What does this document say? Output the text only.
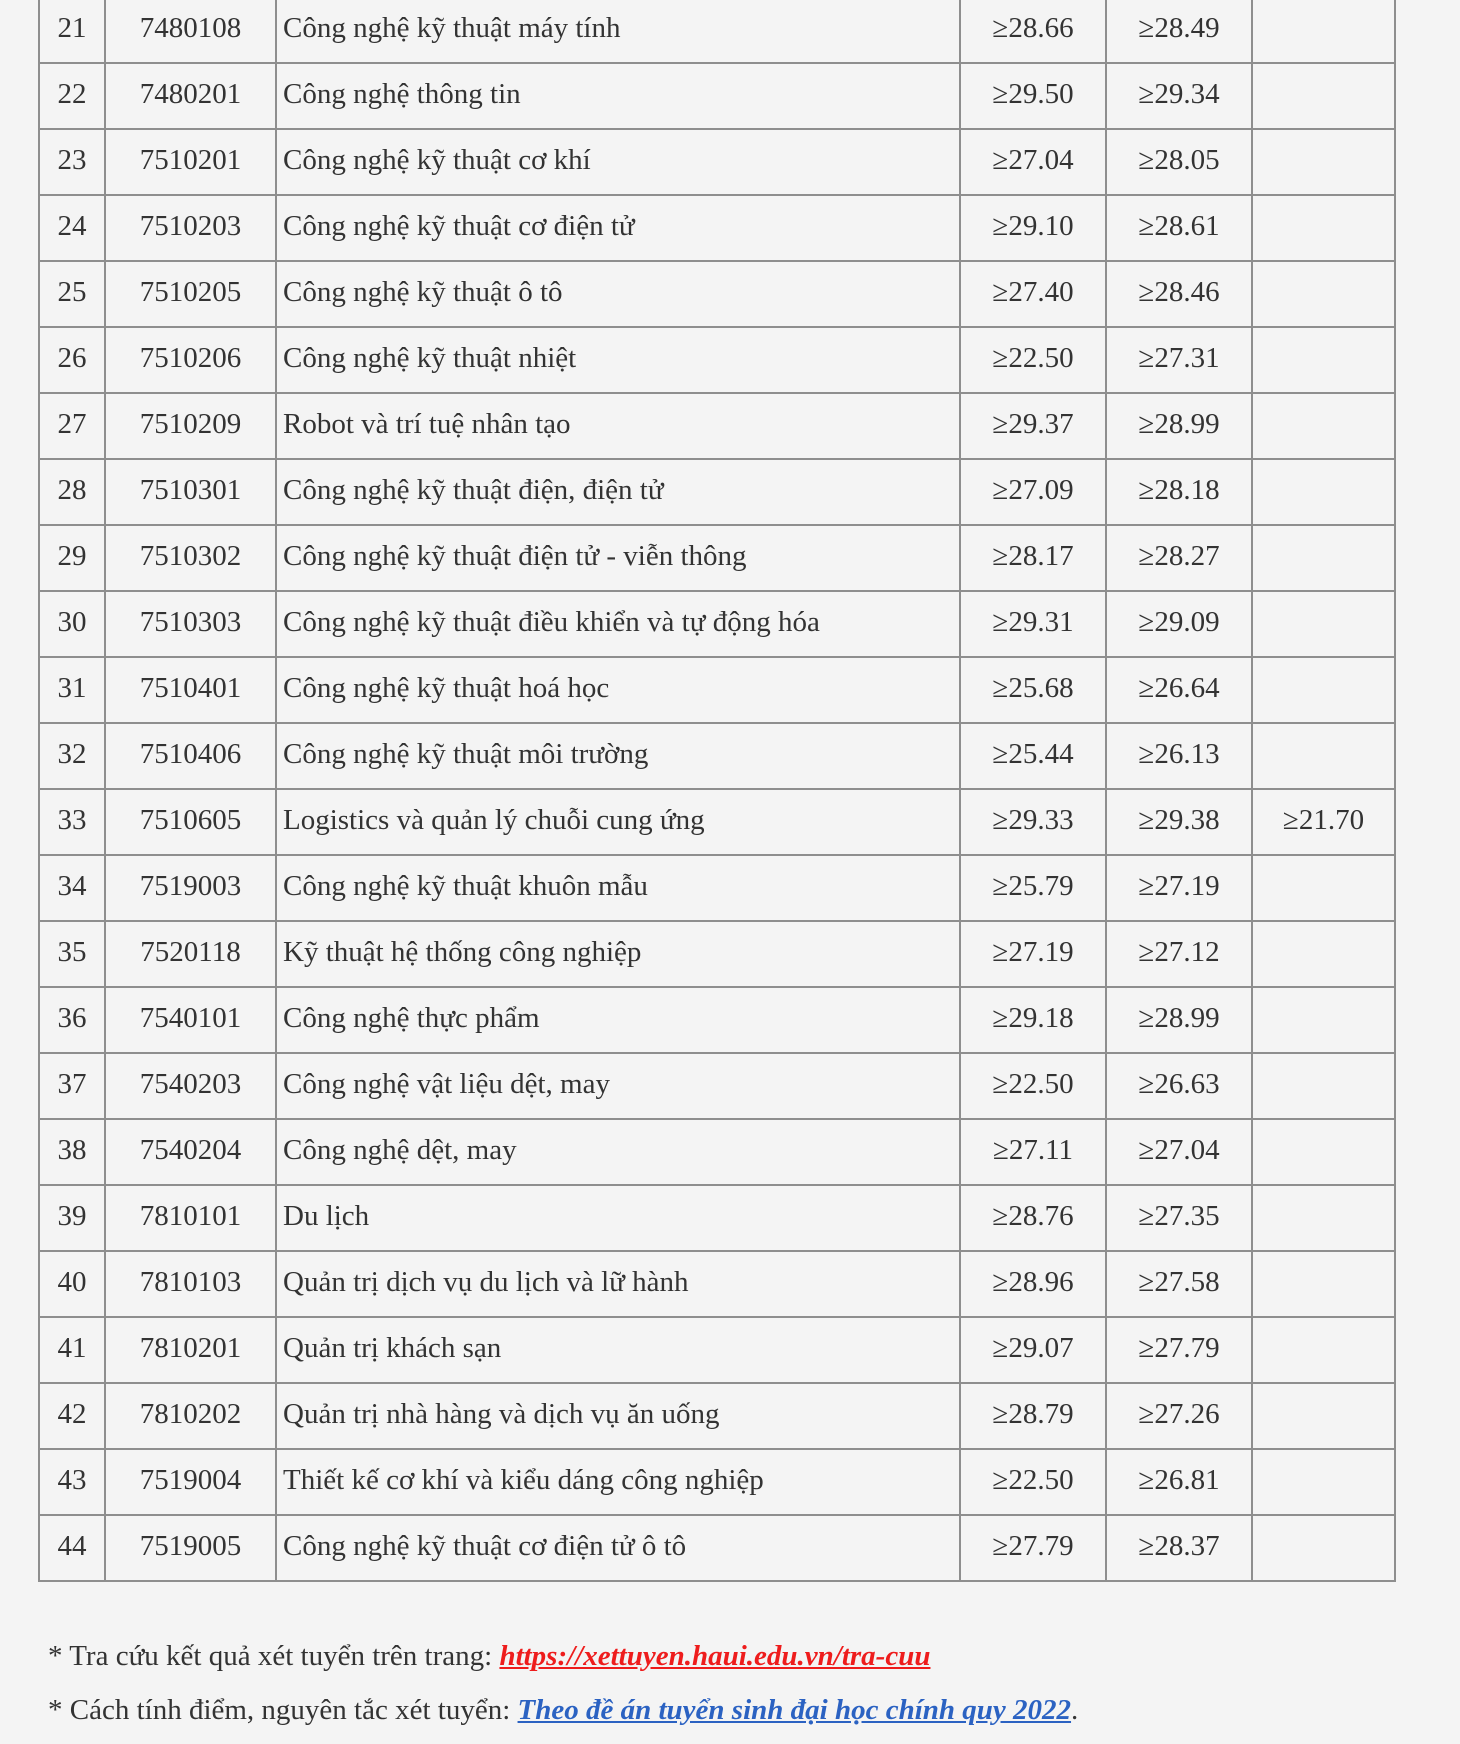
21	7480108	Công nghệ kỹ thuật máy tính	≥28.66	≥28.49	

22	7480201	Công nghệ thông tin	≥29.50	≥29.34	

23	7510201	Công nghệ kỹ thuật cơ khí	≥27.04	≥28.05	

24	7510203	Công nghệ kỹ thuật cơ điện tử	≥29.10	≥28.61	

25	7510205	Công nghệ kỹ thuật ô tô	≥27.40	≥28.46	

26	7510206	Công nghệ kỹ thuật nhiệt	≥22.50	≥27.31	

27	7510209	Robot và trí tuệ nhân tạo	≥29.37	≥28.99	

28	7510301	Công nghệ kỹ thuật điện, điện tử	≥27.09	≥28.18	

29	7510302	Công nghệ kỹ thuật điện tử - viễn thông	≥28.17	≥28.27	

30	7510303	Công nghệ kỹ thuật điều khiển và tự động hóa	≥29.31	≥29.09	

31	7510401	Công nghệ kỹ thuật hoá học	≥25.68	≥26.64	

32	7510406	Công nghệ kỹ thuật môi trường	≥25.44	≥26.13	

33	7510605	Logistics và quản lý chuỗi cung ứng	≥29.33	≥29.38	≥21.70

34	7519003	Công nghệ kỹ thuật khuôn mẫu	≥25.79	≥27.19	

35	7520118	Kỹ thuật hệ thống công nghiệp	≥27.19	≥27.12	

36	7540101	Công nghệ thực phẩm	≥29.18	≥28.99	

37	7540203	Công nghệ vật liệu dệt, may	≥22.50	≥26.63	

38	7540204	Công nghệ dệt, may	≥27.11	≥27.04	

39	7810101	Du lịch	≥28.76	≥27.35	

40	7810103	Quản trị dịch vụ du lịch và lữ hành	≥28.96	≥27.58	

41	7810201	Quản trị khách sạn	≥29.07	≥27.79	

42	7810202	Quản trị nhà hàng và dịch vụ ăn uống	≥28.79	≥27.26	

43	7519004	Thiết kế cơ khí và kiểu dáng công nghiệp	≥22.50	≥26.81	

44	7519005	Công nghệ kỹ thuật cơ điện tử ô tô	≥27.79	≥28.37	

* Tra cứu kết quả xét tuyển trên trang: https://xettuyen.haui.edu.vn/tra-cuu
* Cách tính điểm, nguyên tắc xét tuyển: Theo đề án tuyển sinh đại học chính quy 2022.
